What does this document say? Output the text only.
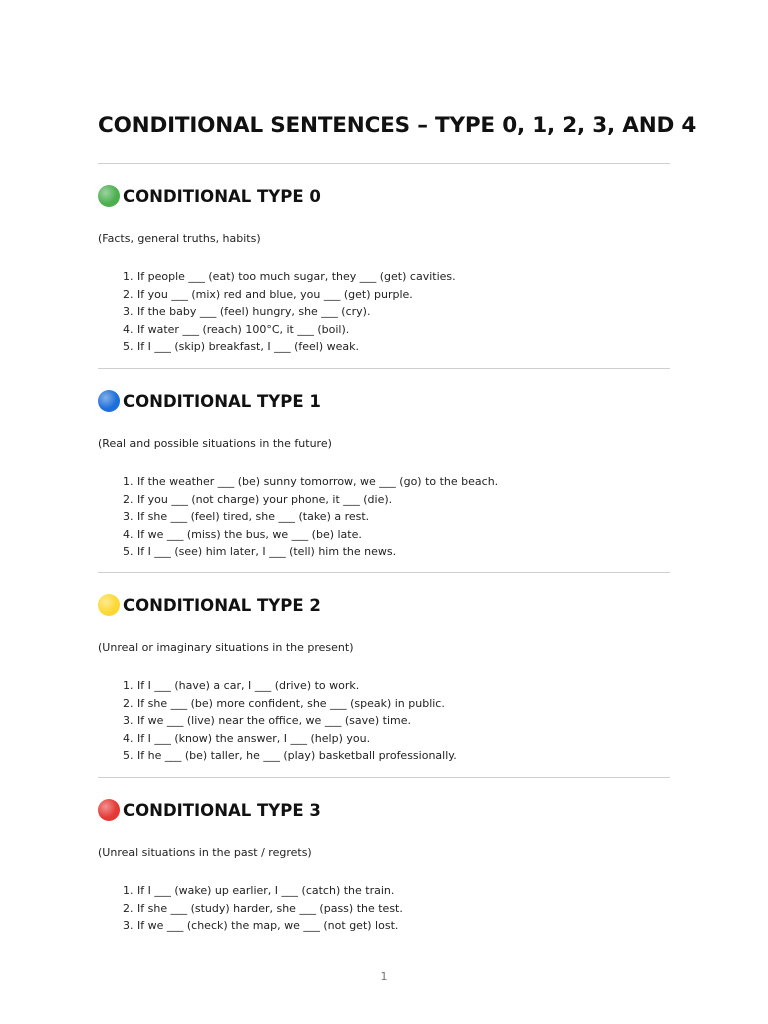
CONDITIONAL SENTENCES – TYPE 0, 1, 2, 3, AND 4
CONDITIONAL TYPE 0
(Facts, general truths, habits)
1. If people ___ (eat) too much sugar, they ___ (get) cavities.
2. If you ___ (mix) red and blue, you ___ (get) purple.
3. If the baby ___ (feel) hungry, she ___ (cry).
4. If water ___ (reach) 100°C, it ___ (boil).
5. If I ___ (skip) breakfast, I ___ (feel) weak.
CONDITIONAL TYPE 1
(Real and possible situations in the future)
1. If the weather ___ (be) sunny tomorrow, we ___ (go) to the beach.
2. If you ___ (not charge) your phone, it ___ (die).
3. If she ___ (feel) tired, she ___ (take) a rest.
4. If we ___ (miss) the bus, we ___ (be) late.
5. If I ___ (see) him later, I ___ (tell) him the news.
CONDITIONAL TYPE 2
(Unreal or imaginary situations in the present)
1. If I ___ (have) a car, I ___ (drive) to work.
2. If she ___ (be) more confident, she ___ (speak) in public.
3. If we ___ (live) near the office, we ___ (save) time.
4. If I ___ (know) the answer, I ___ (help) you.
5. If he ___ (be) taller, he ___ (play) basketball professionally.
CONDITIONAL TYPE 3
(Unreal situations in the past / regrets)
1. If I ___ (wake) up earlier, I ___ (catch) the train.
2. If she ___ (study) harder, she ___ (pass) the test.
3. If we ___ (check) the map, we ___ (not get) lost.
1
